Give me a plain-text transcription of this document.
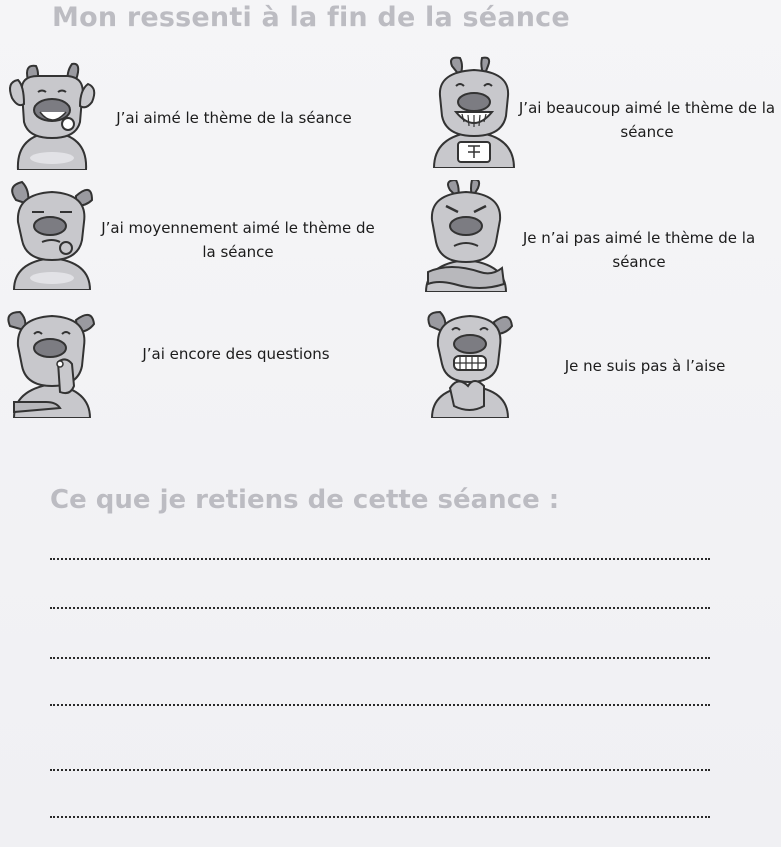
Mon ressenti à la fin de la séance
J’ai aimé le thème de la séance
J’ai beaucoup aimé le thème de la séance
J’ai moyennement aimé le thème de la séance
Je n’ai pas aimé le thème de la séance
J’ai encore des questions
Je ne suis pas à l’aise
Ce que je retiens de cette séance :
